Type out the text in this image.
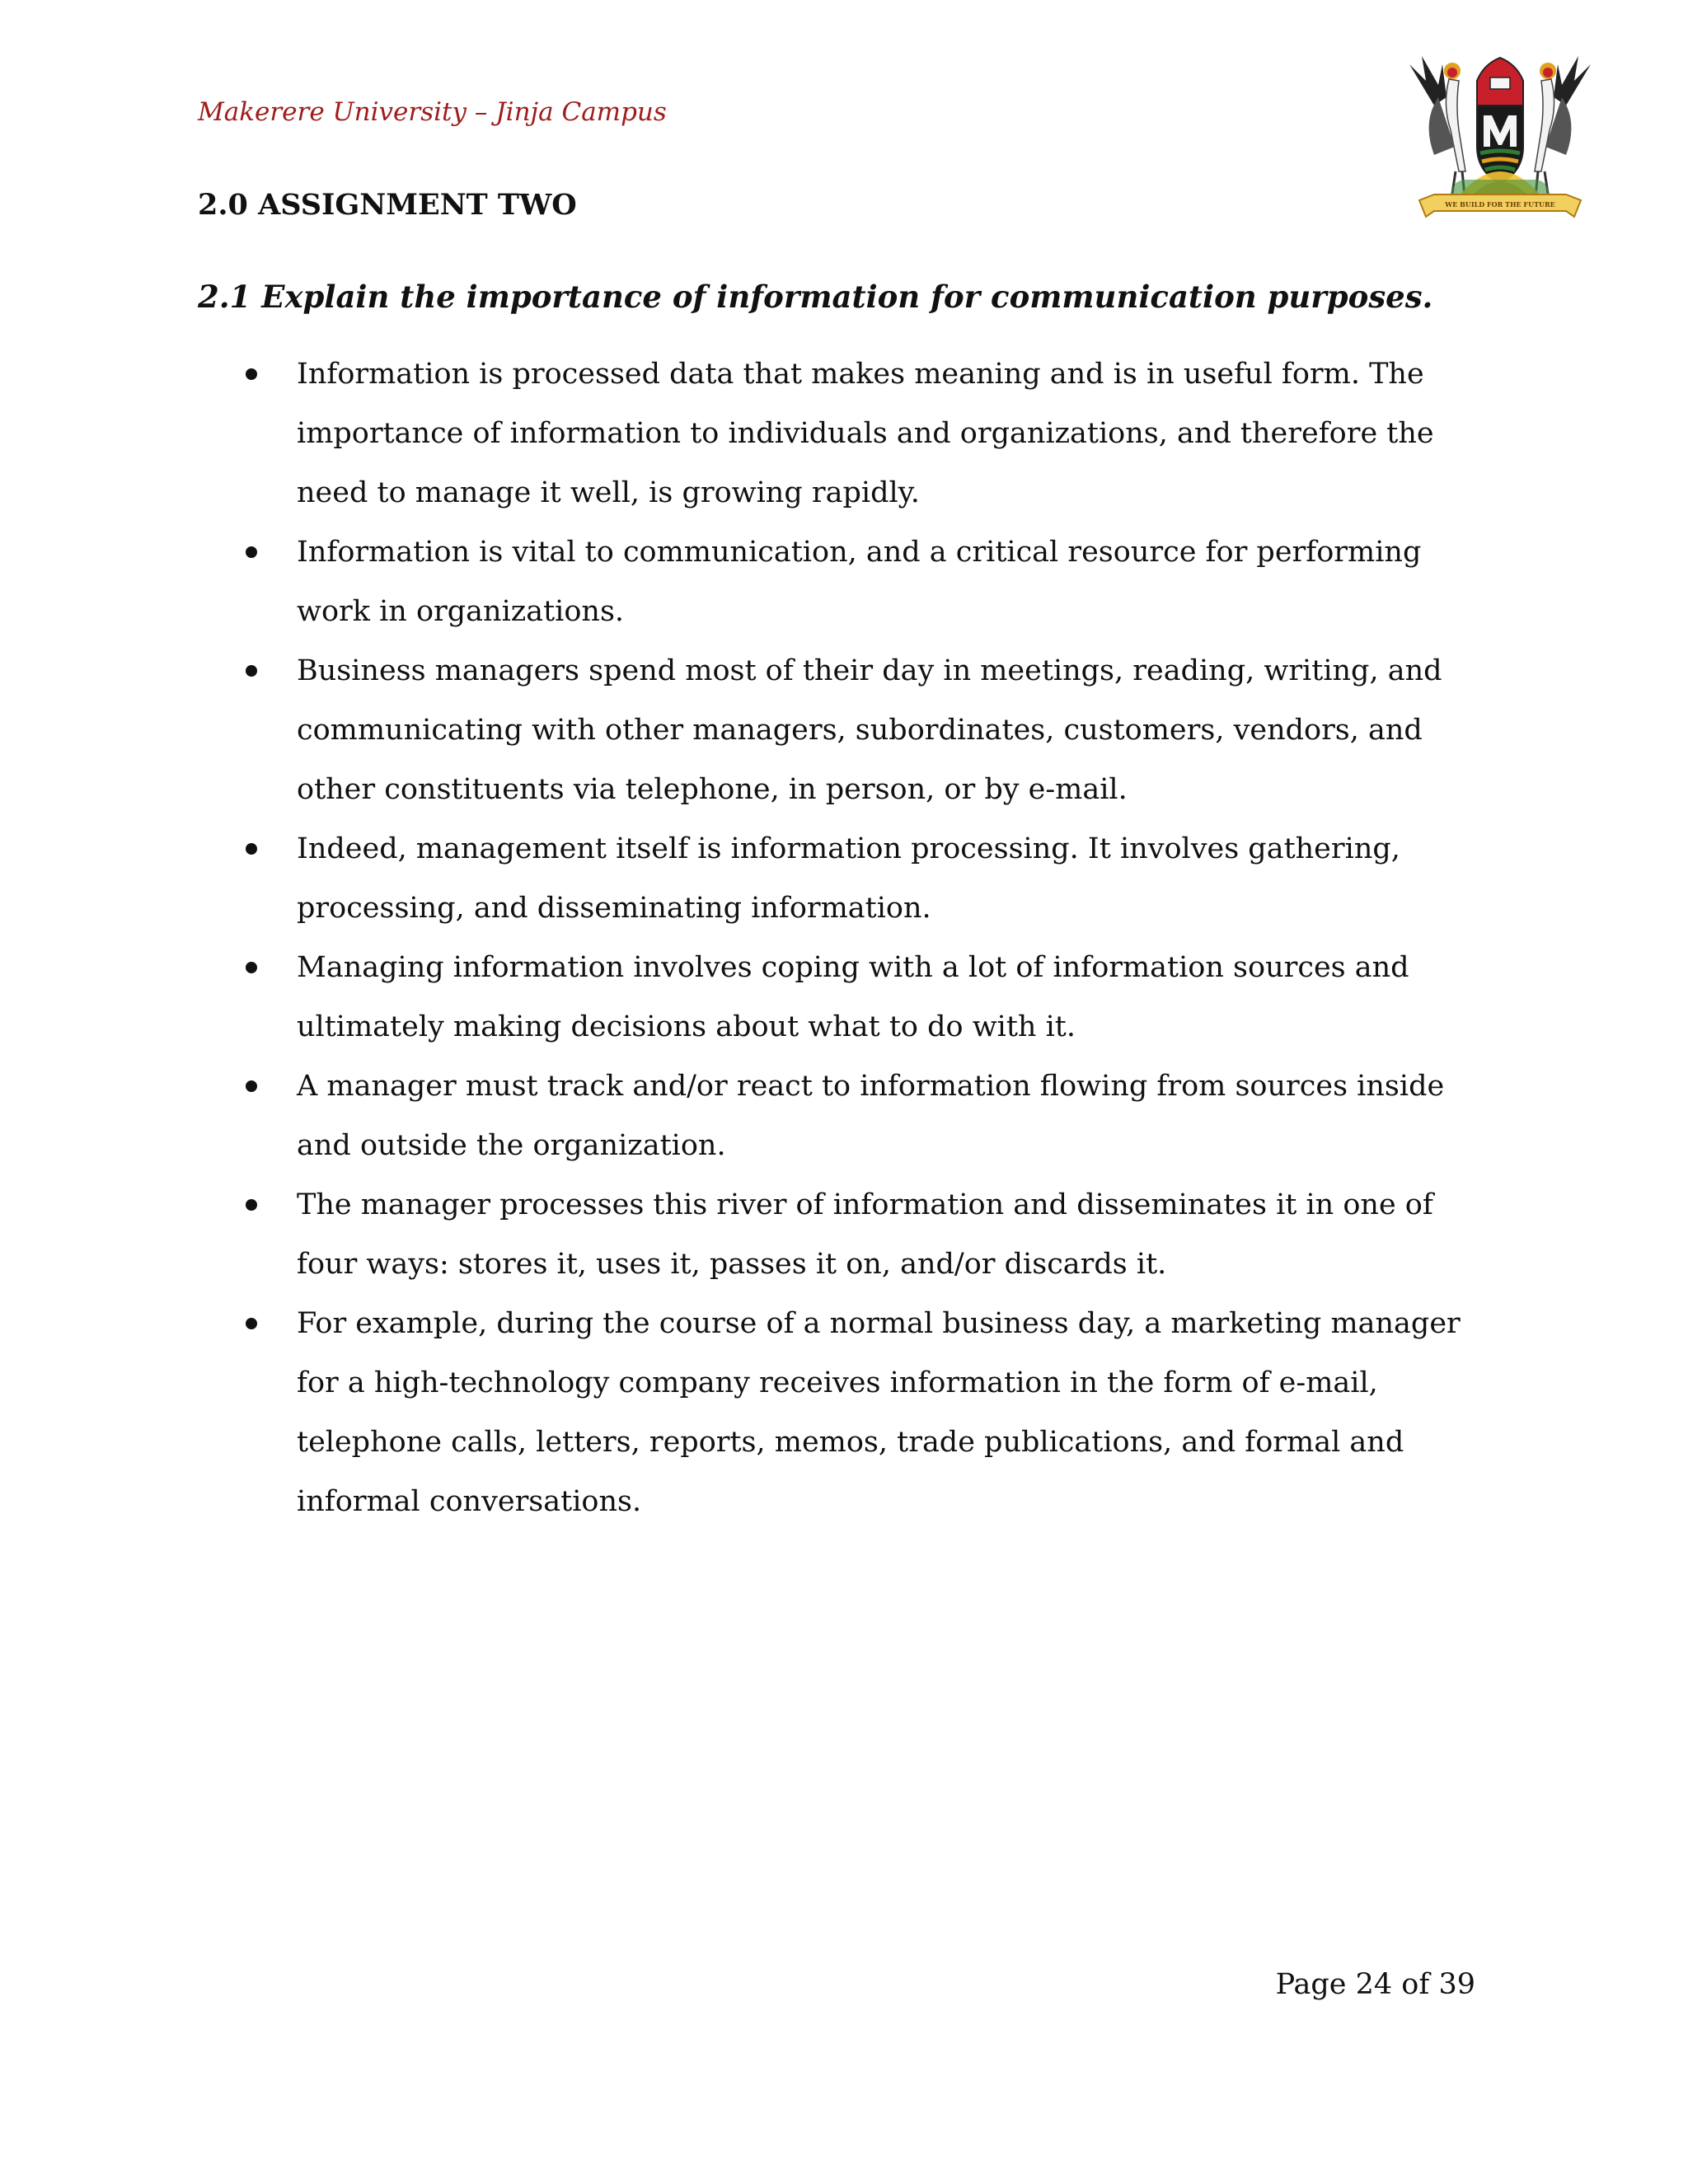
Makerere University – Jinja Campus
WE BUILD FOR THE FUTURE
2.0 ASSIGNMENT TWO
2.1 Explain the importance of information for communication purposes.
Information is processed data that makes meaning and is in useful form. The importance of information to individuals and organizations, and therefore the need to manage it well, is growing rapidly.
Information is vital to communication, and a critical resource for performing work in organizations.
Business managers spend most of their day in meetings, reading, writing, and communicating with other managers, subordinates, customers, vendors, and other constituents via telephone, in person, or by e-mail.
Indeed, management itself is information processing. It involves gathering, processing, and disseminating information.
Managing information involves coping with a lot of information sources and ultimately making decisions about what to do with it.
A manager must track and/or react to information flowing from sources inside and outside the organization.
The manager processes this river of information and disseminates it in one of four ways: stores it, uses it, passes it on, and/or discards it.
For example, during the course of a normal business day, a marketing manager for a high-technology company receives information in the form of e-mail, telephone calls, letters, reports, memos, trade publications, and formal and informal conversations.
Page 24 of 39
